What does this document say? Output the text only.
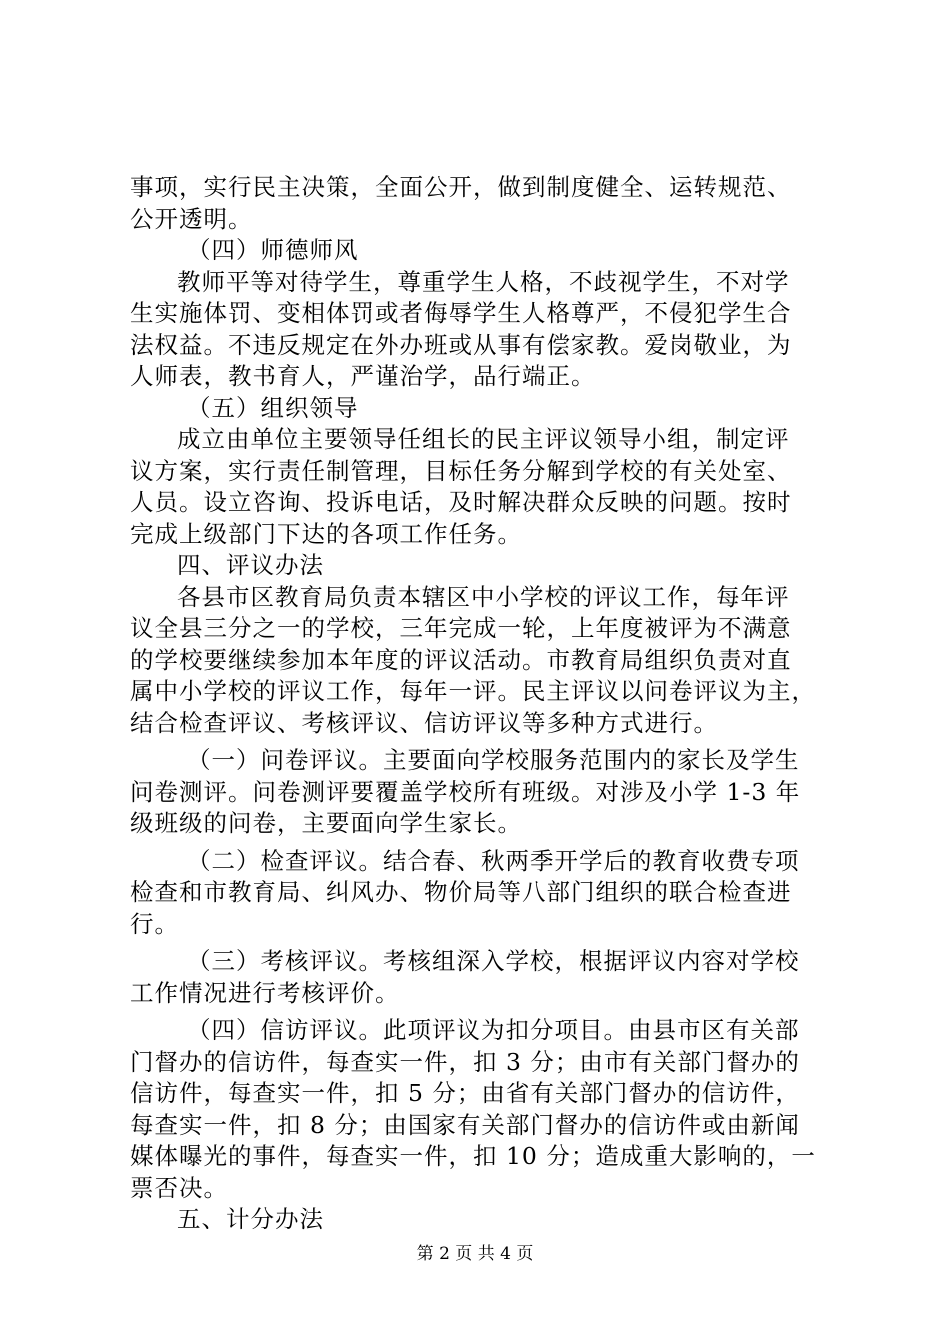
事项，实行民主决策，全面公开，做到制度健全、运转规范、
公开透明。
（四）师德师风
教师平等对待学生，尊重学生人格，不歧视学生，不对学
生实施体罚、变相体罚或者侮辱学生人格尊严，不侵犯学生合
法权益。不违反规定在外办班或从事有偿家教。爱岗敬业，为
人师表，教书育人，严谨治学，品行端正。
（五）组织领导
成立由单位主要领导任组长的民主评议领导小组，制定评
议方案，实行责任制管理，目标任务分解到学校的有关处室、
人员。设立咨询、投诉电话，及时解决群众反映的问题。按时
完成上级部门下达的各项工作任务。
四、评议办法
各县市区教育局负责本辖区中小学校的评议工作，每年评
议全县三分之一的学校，三年完成一轮，上年度被评为不满意
的学校要继续参加本年度的评议活动。市教育局组织负责对直
属中小学校的评议工作，每年一评。民主评议以问卷评议为主，
结合检查评议、考核评议、信访评议等多种方式进行。
（一）问卷评议。主要面向学校服务范围内的家长及学生
问卷测评。问卷测评要覆盖学校所有班级。对涉及小学 1-3 年
级班级的问卷，主要面向学生家长。
（二）检查评议。结合春、秋两季开学后的教育收费专项
检查和市教育局、纠风办、物价局等八部门组织的联合检查进
行。
（三）考核评议。考核组深入学校，根据评议内容对学校
工作情况进行考核评价。
（四）信访评议。此项评议为扣分项目。由县市区有关部
门督办的信访件，每查实一件，扣 3 分；由市有关部门督办的
信访件，每查实一件，扣 5 分；由省有关部门督办的信访件，
每查实一件，扣 8 分；由国家有关部门督办的信访件或由新闻
媒体曝光的事件，每查实一件，扣 10 分；造成重大影响的，一
票否决。
五、计分办法
第 2 页 共 4 页
